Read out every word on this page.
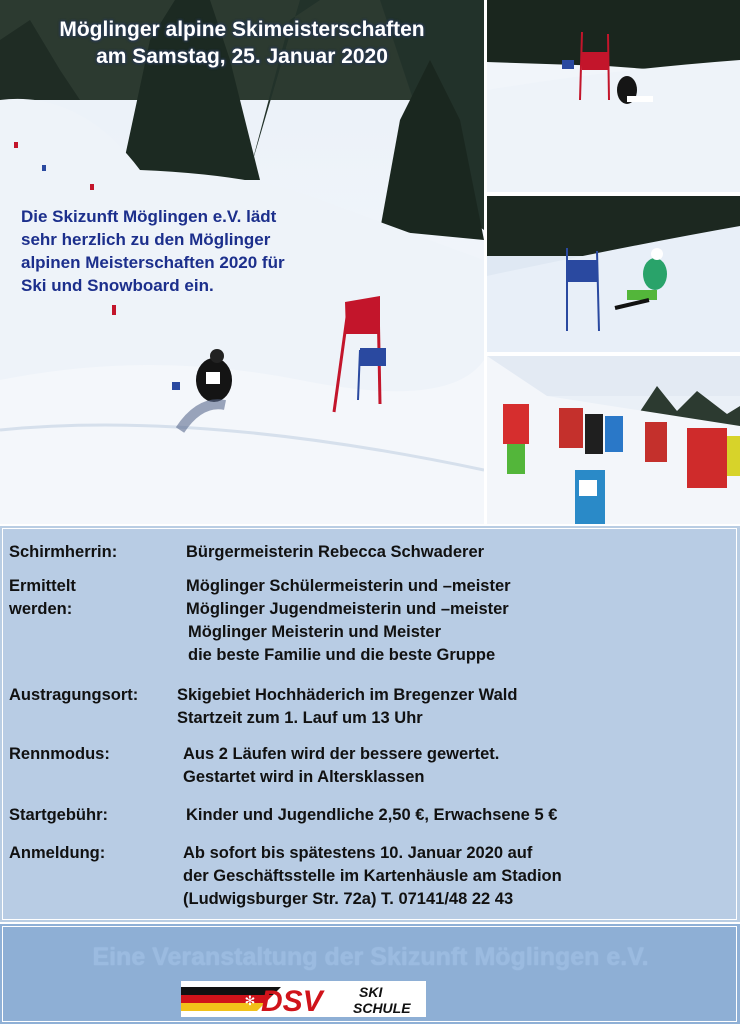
Möglinger alpine Skimeisterschaften
am Samstag, 25. Januar 2020
Die Skizunft Möglingen e.V. lädt
sehr herzlich zu den Möglinger
alpinen Meisterschaften 2020 für
Ski und Snowboard ein.
Schirmherrin:	Bürgermeisterin Rebecca Schwaderer
Ermittelt
werden:
Möglinger Schülermeisterin und –meister
Möglinger Jugendmeisterin und –meister
Möglinger Meisterin und Meister
die beste Familie und die beste Gruppe
Austragungsort: Skigebiet Hochhäderich im Bregenzer Wald
Startzeit zum 1. Lauf um 13 Uhr
Rennmodus:	Aus 2 Läufen wird der bessere gewertet.
Gestartet wird in Altersklassen
Startgebühr:	Kinder und Jugendliche 2,50 €, Erwachsene 5 €
Anmeldung:	Ab sofort bis spätestens 10. Januar 2020 auf
der Geschäftsstelle im Kartenhäusle am Stadion
(Ludwigsburger Str. 72a) T. 07141/48 22 43
Eine Veranstaltung der Skizunft Möglingen e.V.
✻ DSV	SKI
SCHULE
